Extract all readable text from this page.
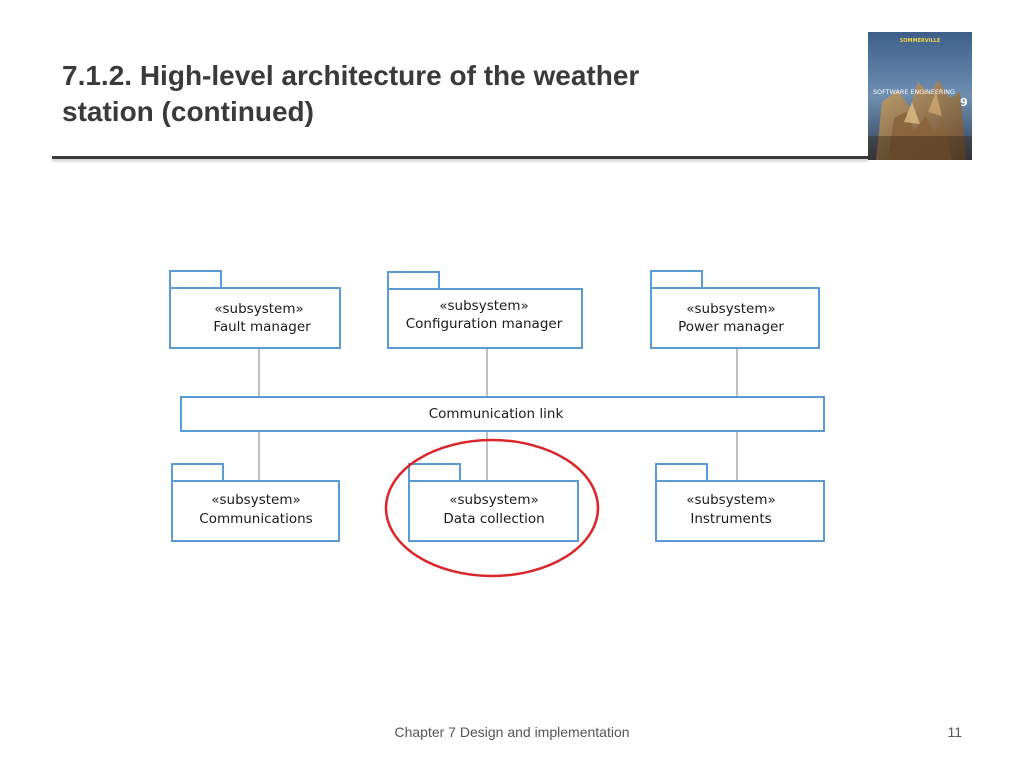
7.1.2. High-level architecture of the weather
station (continued)
SOMMERVILLE
SOFTWARE ENGINEERING
9
«subsystem»
Fault manager
«subsystem»
Configuration manager
«subsystem»
Power manager
Communication link
«subsystem»
Communications
«subsystem»
Data collection
«subsystem»
Instruments
Chapter 7 Design and implementation	11
